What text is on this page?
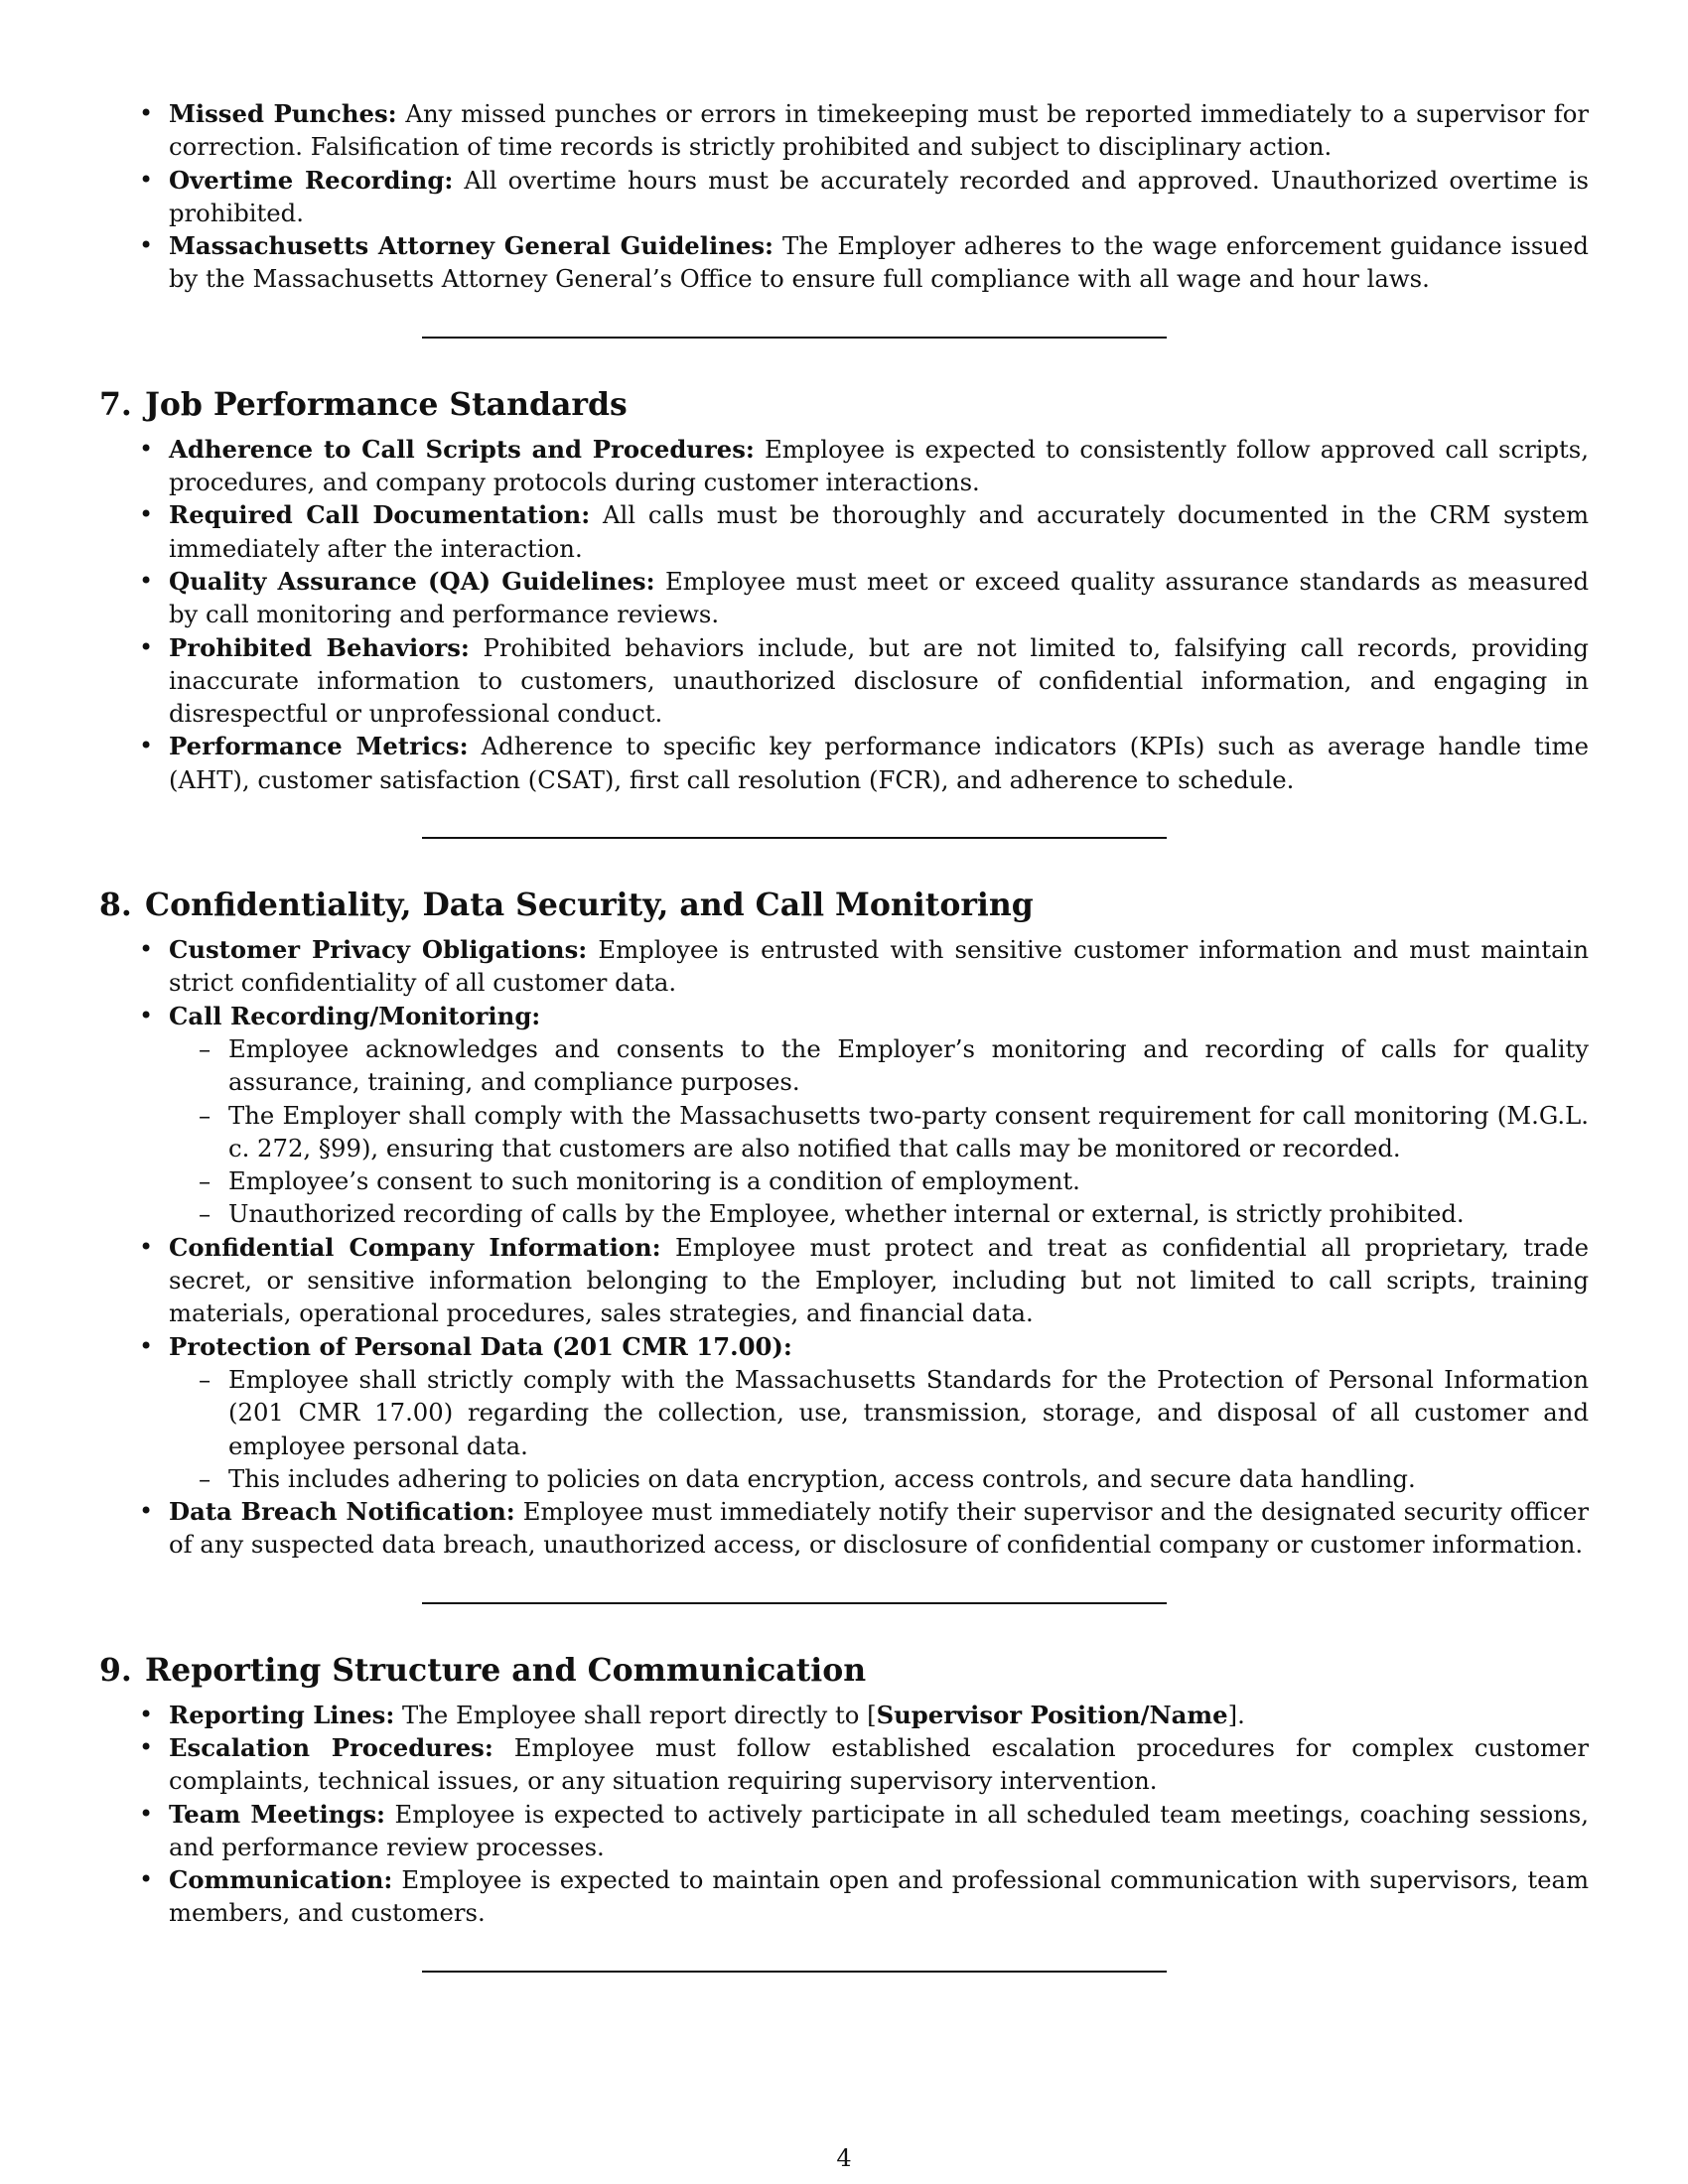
• Missed Punches: Any missed punches or errors in timekeeping must be reported immediately to a supervisor for correction. Falsification of time records is strictly prohibited and subject to disciplinary action.
• Overtime Recording: All overtime hours must be accurately recorded and approved. Unauthorized overtime is prohibited.
• Massachusetts Attorney General Guidelines: The Employer adheres to the wage enforcement guidance issued by the Massachusetts Attorney General’s Office to ensure full compliance with all wage and hour laws.
7. Job Performance Standards
• Adherence to Call Scripts and Procedures: Employee is expected to consistently follow approved call scripts, procedures, and company protocols during customer interactions.
• Required Call Documentation: All calls must be thoroughly and accurately documented in the CRM system immediately after the interaction.
• Quality Assurance (QA) Guidelines: Employee must meet or exceed quality assurance standards as measured by call monitoring and performance reviews.
• Prohibited Behaviors: Prohibited behaviors include, but are not limited to, falsifying call records, providing inaccurate information to customers, unauthorized disclosure of confidential information, and engaging in disrespectful or unprofessional conduct.
• Performance Metrics: Adherence to specific key performance indicators (KPIs) such as average handle time (AHT), customer satisfaction (CSAT), first call resolution (FCR), and adherence to schedule.
8. Confidentiality, Data Security, and Call Monitoring
• Customer Privacy Obligations: Employee is entrusted with sensitive customer information and must maintain strict confidentiality of all customer data.
• Call Recording/Monitoring:
– Employee acknowledges and consents to the Employer’s monitoring and recording of calls for quality assurance, training, and compliance purposes.
– The Employer shall comply with the Massachusetts two-party consent requirement for call monitoring (M.G.L. c. 272, §99), ensuring that customers are also notified that calls may be monitored or recorded.
– Employee’s consent to such monitoring is a condition of employment.
– Unauthorized recording of calls by the Employee, whether internal or external, is strictly prohibited.
• Confidential Company Information: Employee must protect and treat as confidential all proprietary, trade secret, or sensitive information belonging to the Employer, including but not limited to call scripts, training materials, operational procedures, sales strategies, and financial data.
• Protection of Personal Data (201 CMR 17.00):
– Employee shall strictly comply with the Massachusetts Standards for the Protection of Personal Information (201 CMR 17.00) regarding the collection, use, transmission, storage, and disposal of all customer and employee personal data.
– This includes adhering to policies on data encryption, access controls, and secure data handling.
• Data Breach Notification: Employee must immediately notify their supervisor and the designated security officer of any suspected data breach, unauthorized access, or disclosure of confidential company or customer information.
9. Reporting Structure and Communication
• Reporting Lines: The Employee shall report directly to [Supervisor Position/Name].
• Escalation Procedures: Employee must follow established escalation procedures for complex customer complaints, technical issues, or any situation requiring supervisory intervention.
• Team Meetings: Employee is expected to actively participate in all scheduled team meetings, coaching sessions, and performance review processes.
• Communication: Employee is expected to maintain open and professional communication with supervisors, team members, and customers.
4
